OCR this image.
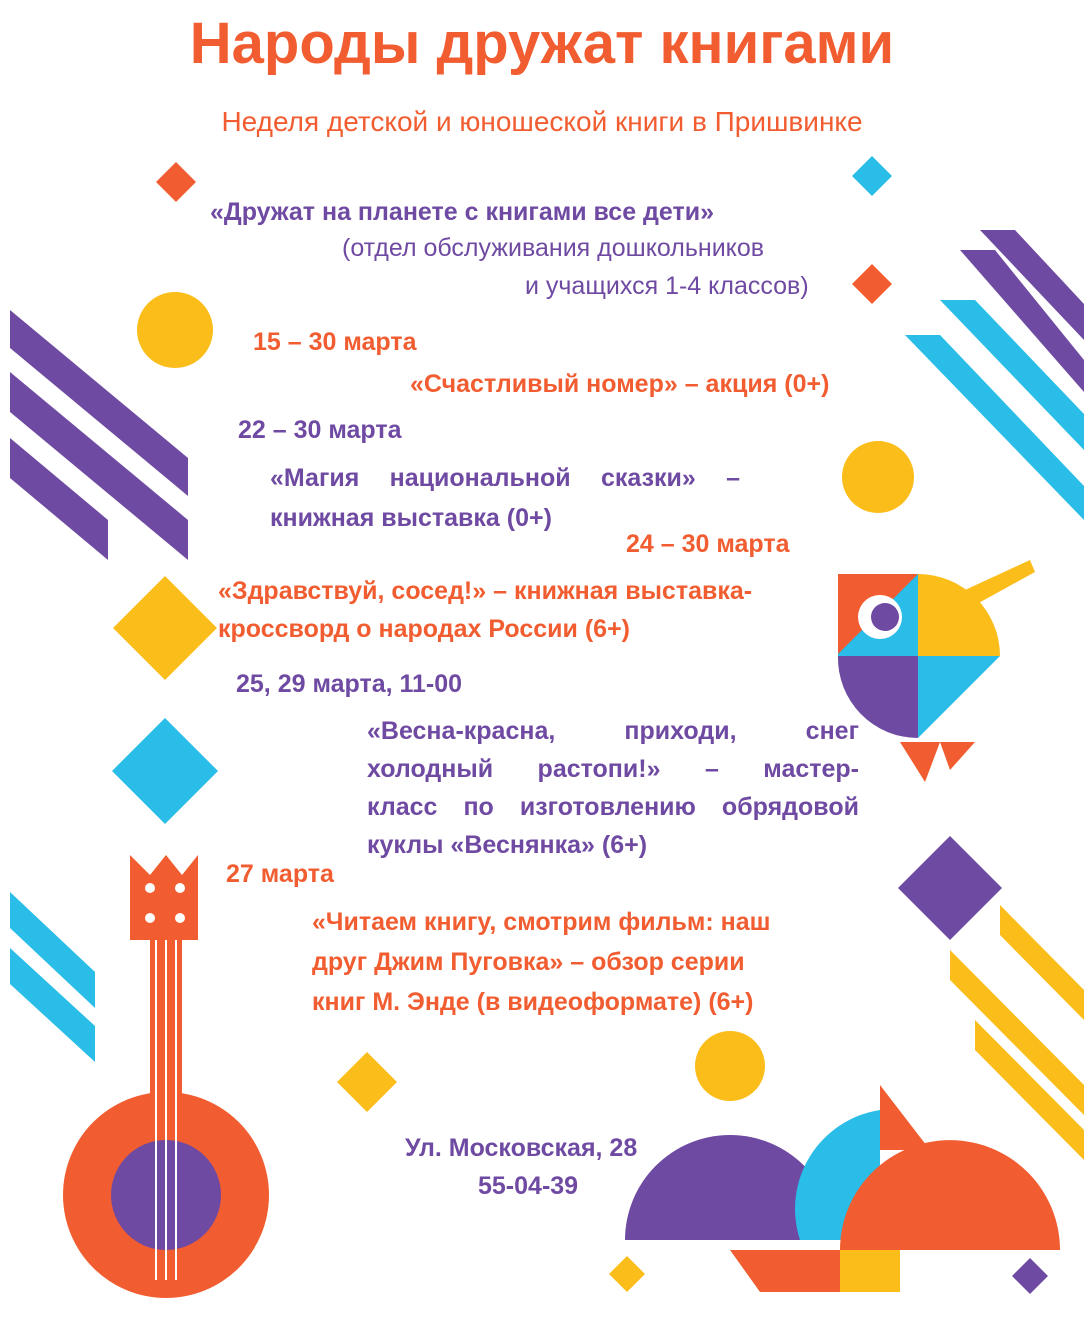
Народы дружат книгами
Неделя детской и юношеской книги в Пришвинке
«Дружат на планете с книгами все дети»
(отдел обслуживания дошкольников
и учащихся 1-4 классов)
15 – 30 марта
«Счастливый номер» – акция (0+)
22 – 30 марта
«Магия национальной сказки» –
книжная выставка (0+)
24 – 30 марта
«Здравствуй, сосед!» – книжная выставка-
кроссворд о народах России (6+)
25, 29 марта, 11-00
«Весна-красна, приходи, снег
холодный растопи!» – мастер-
класс по изготовлению обрядовой
куклы «Веснянка» (6+)
27 марта
«Читаем книгу, смотрим фильм: наш
друг Джим Пуговка» – обзор серии
книг М. Энде (в видеоформате) (6+)
Ул. Московская, 28
55-04-39
